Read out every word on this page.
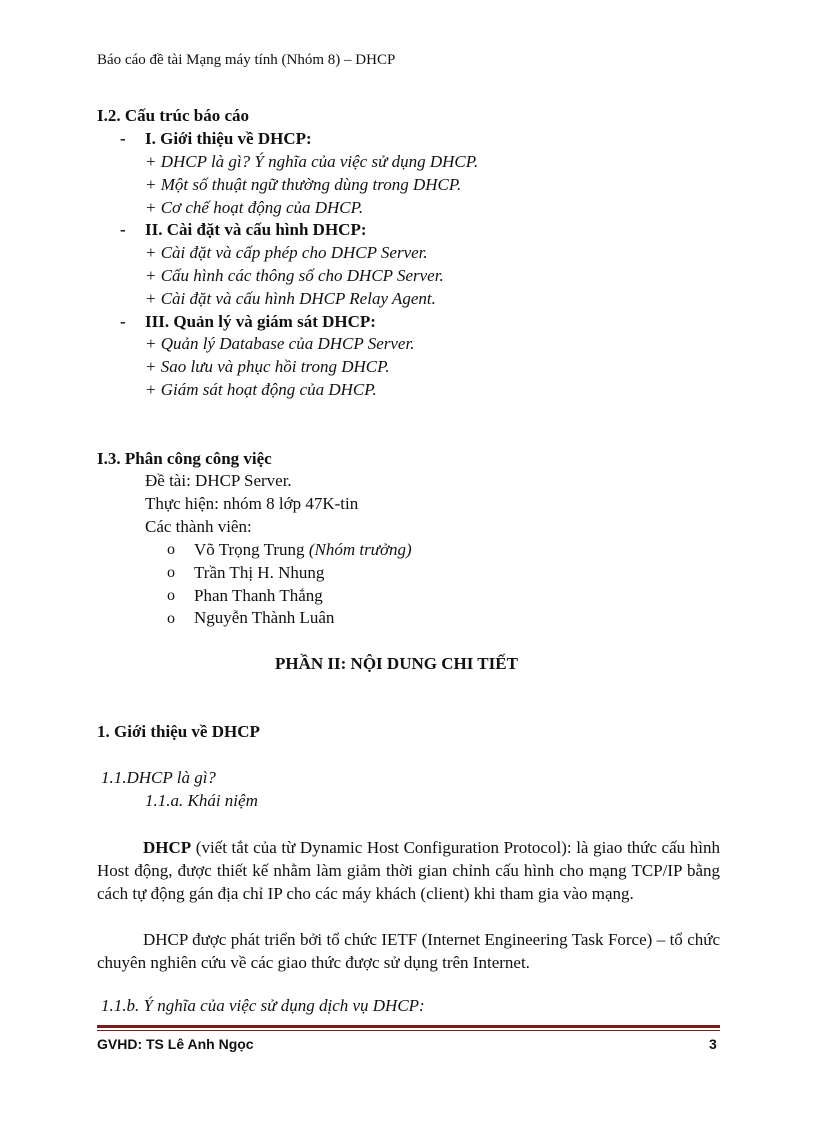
Báo cáo đề tài Mạng máy tính (Nhóm 8) – DHCP
I.2. Cấu trúc báo cáo
- I. Giới thiệu về DHCP:
+ DHCP là gì? Ý nghĩa của việc sử dụng DHCP.
+ Một số thuật ngữ thường dùng trong DHCP.
+ Cơ chế hoạt động của DHCP.
- II. Cài đặt và cấu hình DHCP:
+ Cài đặt và cấp phép cho DHCP Server.
+ Cấu hình các thông số cho DHCP Server.
+ Cài đặt và cấu hình DHCP Relay Agent.
- III. Quản lý và giám sát DHCP:
+ Quản lý Database của DHCP Server.
+ Sao lưu và phục hồi trong DHCP.
+ Giám sát hoạt động của DHCP.
I.3. Phân công công việc
Đề tài: DHCP Server.
Thực hiện: nhóm 8 lớp 47K-tin
Các thành viên:
o Võ Trọng Trung (Nhóm trưởng)
o Trần Thị H. Nhung
o Phan Thanh Thắng
o Nguyễn Thành Luân
PHẦN II: NỘI DUNG CHI TIẾT
1. Giới thiệu về DHCP
1.1.DHCP là gì?
1.1.a. Khái niệm
DHCP (viết tắt của từ Dynamic Host Configuration Protocol): là giao thức cấu hình Host động, được thiết kế nhằm làm giảm thời gian chỉnh cấu hình cho mạng TCP/IP bằng cách tự động gán địa chỉ IP cho các máy khách (client) khi tham gia vào mạng.
DHCP được phát triển bởi tổ chức IETF (Internet Engineering Task Force) – tổ chức chuyên nghiên cứu về các giao thức được sử dụng trên Internet.
1.1.b. Ý nghĩa của việc sử dụng dịch vụ DHCP:
GVHD: TS Lê Anh Ngọc	3
